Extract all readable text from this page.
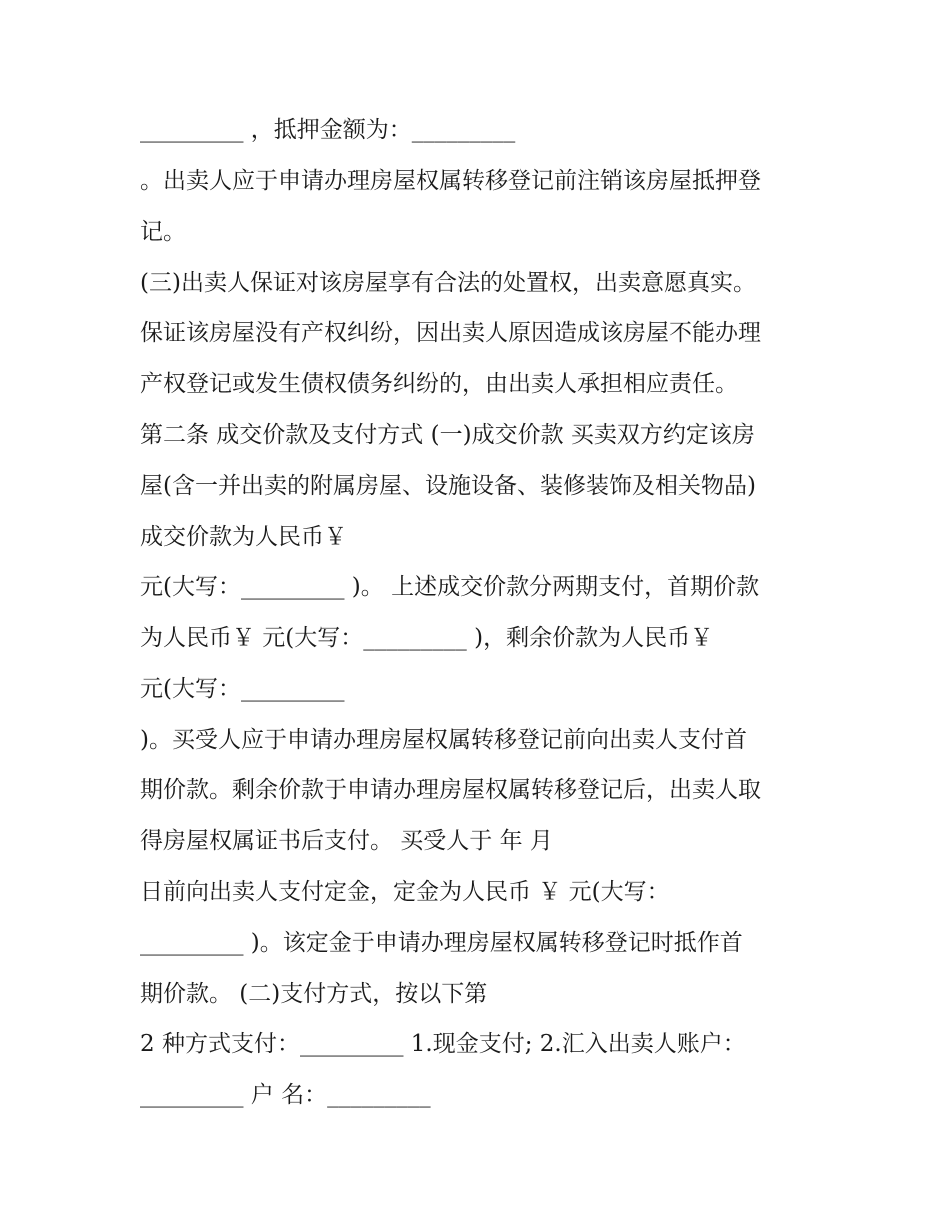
_________ ，抵押金额为：_________
。出卖人应于申请办理房屋权属转移登记前注销该房屋抵押登
记。
(三)出卖人保证对该房屋享有合法的处置权，出卖意愿真实。
保证该房屋没有产权纠纷，因出卖人原因造成该房屋不能办理
产权登记或发生债权债务纠纷的，由出卖人承担相应责任。
第二条 成交价款及支付方式 (一)成交价款 买卖双方约定该房
屋(含一并出卖的附属房屋、设施设备、装修装饰及相关物品)
成交价款为人民币￥
元(大写：_________ )。 上述成交价款分两期支付，首期价款
为人民币￥ 元(大写：_________ )，剩余价款为人民币￥
元(大写：_________
)。买受人应于申请办理房屋权属转移登记前向出卖人支付首
期价款。剩余价款于申请办理房屋权属转移登记后，出卖人取
得房屋权属证书后支付。 买受人于 年 月
日前向出卖人支付定金，定金为人民币 ￥ 元(大写：
_________ )。该定金于申请办理房屋权属转移登记时抵作首
期价款。 (二)支付方式，按以下第
2 种方式支付：_________ 1.现金支付; 2.汇入出卖人账户：
_________ 户 名：_________
